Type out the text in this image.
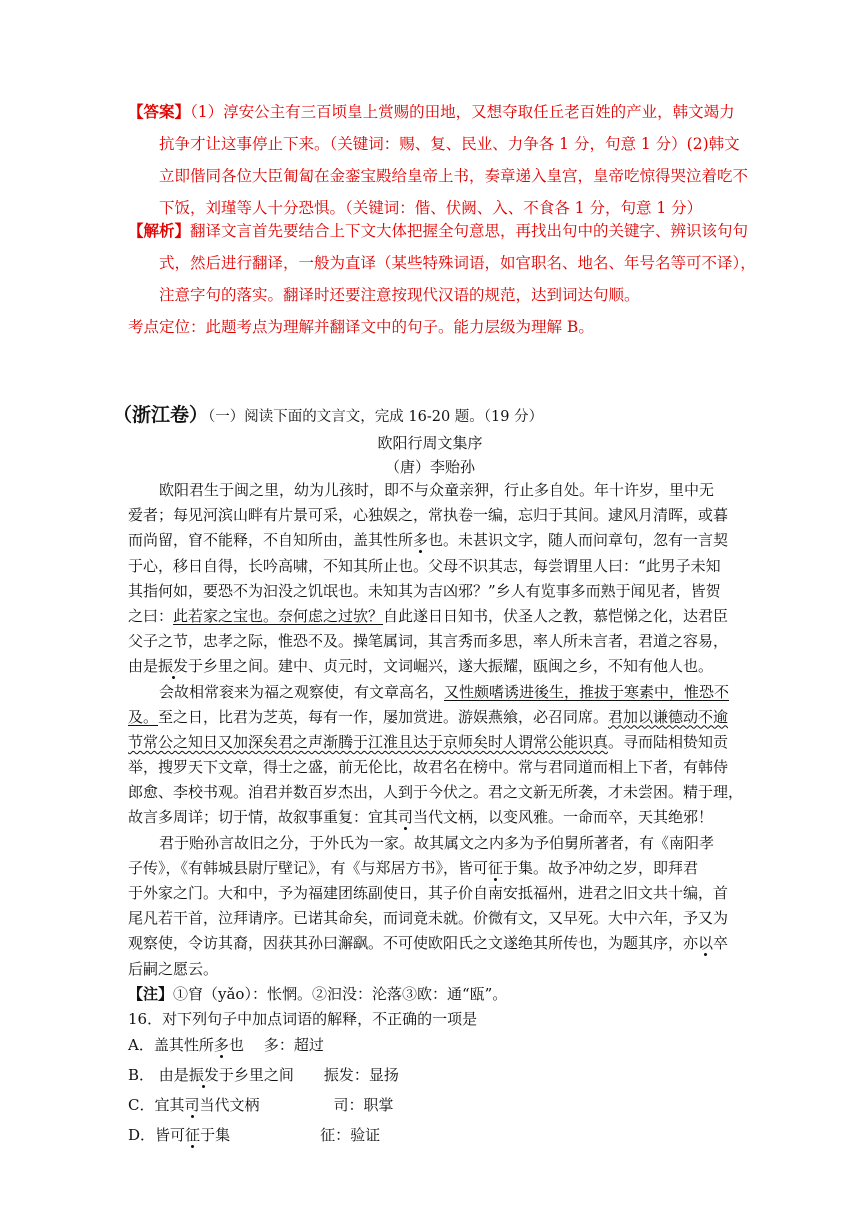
【答案】（1）淳安公主有三百顷皇上赏赐的田地，又想夺取任丘老百姓的产业，韩文竭力
抗争才让这事停止下来。（关键词：赐、复、民业、力争各 1 分，句意 1 分）(2)韩文
立即偕同各位大臣匍匐在金銮宝殿给皇帝上书，奏章递入皇宫，皇帝吃惊得哭泣着吃不
下饭，刘瑾等人十分恐惧。（关键词：偕、伏阙、入、不食各 1 分，句意 1 分）
【解析】翻译文言首先要结合上下文大体把握全句意思，再找出句中的关键字、辨识该句句
式，然后进行翻译，一般为直译（某些特殊词语，如官职名、地名、年号名等可不译），
注意字句的落实。翻译时还要注意按现代汉语的规范，达到词达句顺。
考点定位：此题考点为理解并翻译文中的句子。能力层级为理解 B。
（浙江卷）（一）阅读下面的文言文，完成 16-20 题。（19 分）
欧阳行周文集序
（唐）李贻孙
欧阳君生于闽之里，幼为儿孩时，即不与众童亲狎，行止多自处。年十许岁，里中无
爱者；每见河滨山畔有片景可采，心独娱之，常执卷一编，忘归于其间。逮风月清晖，或暮
而尚留，窅不能释，不自知所由，盖其性所多也。未甚识文字，随人而问章句，忽有一言契
于心，移日自得，长吟高啸，不知其所止也。父母不识其志，每尝谓里人曰：“此男子未知
其指何如，要恐不为汩没之饥氓也。未知其为吉凶邪？”乡人有览事多而熟于闻见者，皆贺
之曰：此若家之宝也。奈何虑之过欤？自此遂日日知书，伏圣人之教，慕恺悌之化，达君臣
父子之节，忠孝之际，惟恐不及。操笔属词，其言秀而多思，率人所未言者，君道之容易，
由是振发于乡里之间。建中、贞元时，文词崛兴，遂大振耀，瓯闽之乡，不知有他人也。
会故相常衮来为福之观察使，有文章高名，又性颇嗜诱进後生，推拔于寒素中，惟恐不
及。至之日，比君为芝英，每有一作，屡加赏进。游娱燕飨，必召同席。君加以谦德动不逾
节常公之知日又加深矣君之声渐腾于江淮且达于京师矣时人谓常公能识真。寻而陆相贽知贡
举，搜罗天下文章，得士之盛，前无伦比，故君名在榜中。常与君同道而相上下者，有韩侍
郎愈、李校书观。洎君并数百岁杰出，人到于今伏之。君之文新无所袭，才未尝困。精于理，
故言多周详；切于情，故叙事重复：宜其司当代文柄，以变风雅。一命而卒，天其绝邪！
君于贻孙言故旧之分，于外氏为一家。故其属文之内多为予伯舅所著者，有《南阳孝
子传》，《有韩城县尉厅壁记》，有《与郑居方书》，皆可征于集。故予冲幼之岁，即拜君
于外家之门。大和中，予为福建团练副使日，其子价自南安抵福州，进君之旧文共十编，首
尾凡若干首，泣拜请序。已诺其命矣，而词竟未就。价微有文，又早死。大中六年，予又为
观察使，令访其裔，因获其孙曰澥飖。不可使欧阳氏之文遂绝其所传也，为题其序，亦以卒
后嗣之愿云。
【注】①窅（yǎo）：怅惘。②汩没：沦落③欧：通“瓯”。
16．对下列句子中加点词语的解释，不正确的一项是
A．盖其性所多也 多：超过
B． 由是振发于乡里之间 振发：显扬
C．宜其司当代文柄	司：职掌
D．皆可征于集	征：验证
